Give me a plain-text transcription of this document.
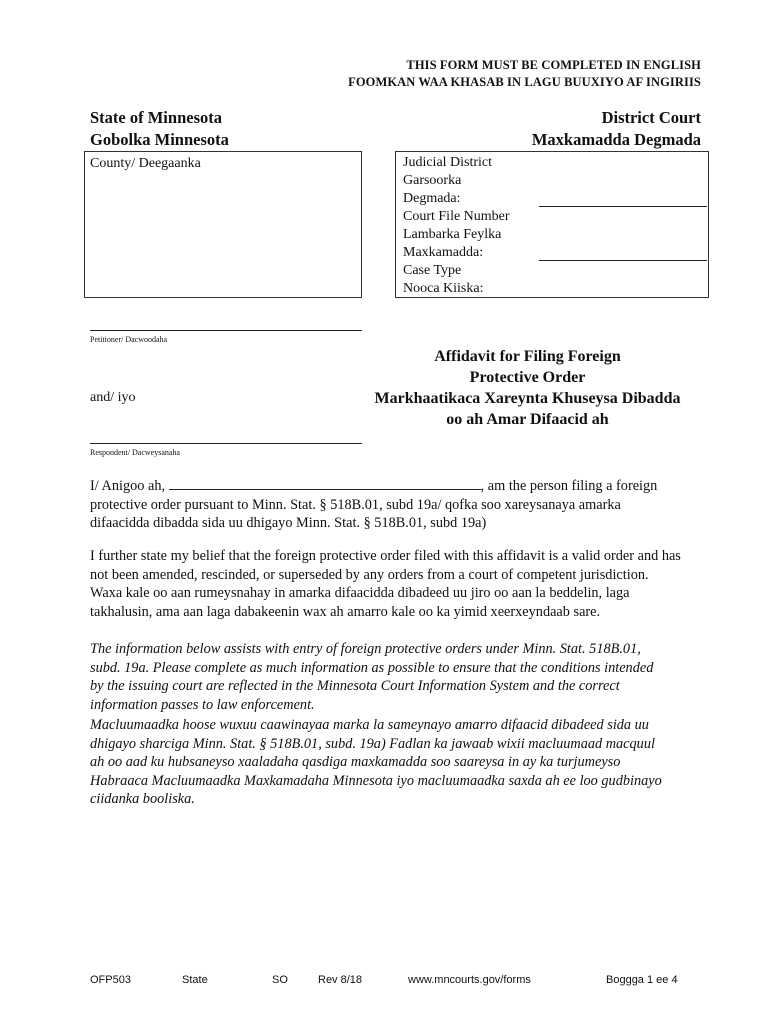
THIS FORM MUST BE COMPLETED IN ENGLISH
FOOMKAN WAA KHASAB IN LAGU BUUXIYO AF INGIRIIS
State of Minnesota
Gobolka Minnesota
District Court
Maxkamadda Degmada
County/ Deegaanka	Judicial District
Garsoorka
Degmada:
Court File Number
Lambarka Feylka
Maxkamadda:
Case Type
Nooca Kiiska:
Petitioner/ Dacwoodaha
and/ iyo
Respondent/ Dacweysanaha
Affidavit for Filing Foreign
Protective Order
Markhaatikaca Xareynta Khuseysa Dibadda
oo ah Amar Difaacid ah
I/ Anigoo ah,	, am the person filing a foreign
protective order pursuant to Minn. Stat. § 518B.01, subd 19a/ qofka soo xareysanaya amarka
difaacidda dibadda sida uu dhigayo Minn. Stat. § 518B.01, subd 19a)
I further state my belief that the foreign protective order filed with this affidavit is a valid order and has
not been amended, rescinded, or superseded by any orders from a court of competent jurisdiction.
Waxa kale oo aan rumeysnahay in amarka difaacidda dibadeed uu jiro oo aan la beddelin, laga
takhalusin, ama aan laga dabakeenin wax ah amarro kale oo ka yimid xeerxeyndaab sare.
The information below assists with entry of foreign protective orders under Minn. Stat. 518B.01,
subd. 19a. Please complete as much information as possible to ensure that the conditions intended
by the issuing court are reflected in the Minnesota Court Information System and the correct
information passes to law enforcement.
Macluumaadka hoose wuxuu caawinayaa marka la sameynayo amarro difaacid dibadeed sida uu
dhigayo sharciga Minn. Stat. § 518B.01, subd. 19a) Fadlan ka jawaab wixii macluumaad macquul
ah oo aad ku hubsaneyso xaaladaha qasdiga maxkamadda soo saareysa in ay ka turjumeyso
Habraaca Macluumaadka Maxkamadaha Minnesota iyo macluumaadka saxda ah ee loo gudbinayo
ciidanka booliska.
OFP503	State	SO	Rev 8/18	www.mncourts.gov/forms	Boggga 1 ee 4
